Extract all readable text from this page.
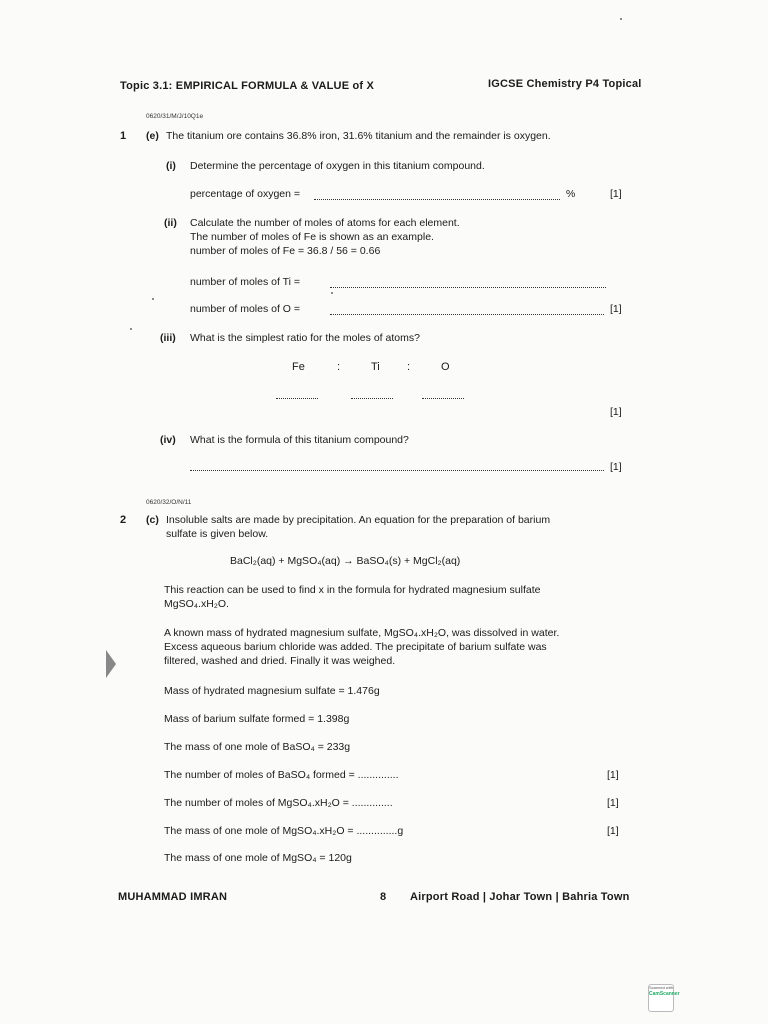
Topic 3.1: EMPIRICAL FORMULA & VALUE of X	IGCSE Chemistry P4 Topical
0620/31/M/J/10Q1e
1 (e) The titanium ore contains 36.8% iron, 31.6% titanium and the remainder is oxygen.
(i) Determine the percentage of oxygen in this titanium compound.
percentage of oxygen =	%	[1]
(ii) Calculate the number of moles of atoms for each element.
The number of moles of Fe is shown as an example.
number of moles of Fe = 36.8 / 56 = 0.66
number of moles of Ti =
number of moles of O =	[1]
(iii) What is the simplest ratio for the moles of atoms?
Fe	:	Ti :	O
[1]
(iv) What is the formula of this titanium compound?
[1]
0620/32/O/N/11
2 (c) Insoluble salts are made by precipitation. An equation for the preparation of barium
sulfate is given below.
BaCl₂(aq) + MgSO₄(aq) → BaSO₄(s) + MgCl₂(aq)
This reaction can be used to find x in the formula for hydrated magnesium sulfate
MgSO₄.xH₂O.
A known mass of hydrated magnesium sulfate, MgSO₄.xH₂O, was dissolved in water.
Excess aqueous barium chloride was added. The precipitate of barium sulfate was
filtered, washed and dried. Finally it was weighed.
Mass of hydrated magnesium sulfate = 1.476g
Mass of barium sulfate formed = 1.398g
The mass of one mole of BaSO₄ = 233g
The number of moles of BaSO₄ formed = ..............	[1]
The number of moles of MgSO₄.xH₂O = ..............	[1]
The mass of one mole of MgSO₄.xH₂O = ..............g	[1]
The mass of one mole of MgSO₄ = 120g
MUHAMMAD IMRAN	8 Airport Road | Johar Town | Bahria Town
Scanned with
CamScanner
